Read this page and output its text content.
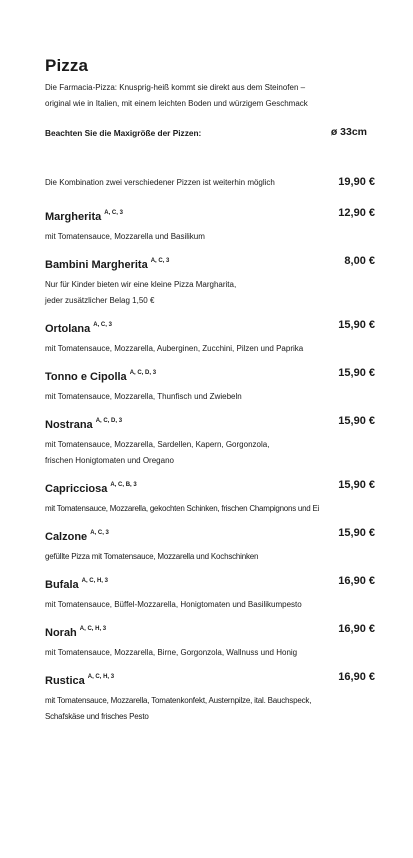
Pizza
Die Farmacia-Pizza: Knusprig-heiß kommt sie direkt aus dem Steinofen –
original wie in Italien, mit einem leichten Boden und würzigem Geschmack
Beachten Sie die Maxigröße der Pizzen:	ø 33cm
Die Kombination zwei verschiedener Pizzen ist weiterhin möglich	19,90 €
Margherita $^{A, C, 3}$	12,90 €
mit Tomatensauce, Mozzarella und Basilikum
Bambini Margherita $^{A, C, 3}$	8,00 €
Nur für Kinder bieten wir eine kleine Pizza Margharita,
jeder zusätzlicher Belag 1,50 €
Ortolana $^{A, C, 3}$	15,90 €
mit Tomatensauce, Mozzarella, Auberginen, Zucchini, Pilzen und Paprika
Tonno e Cipolla $^{A, C, D, 3}$	15,90 €
mit Tomatensauce, Mozzarella, Thunfisch und Zwiebeln
Nostrana $^{A, C, D, 3}$	15,90 €
mit Tomatensauce, Mozzarella, Sardellen, Kapern, Gorgonzola,
frischen Honigtomaten und Oregano
Capricciosa $^{A, C, B, 3}$	15,90 €
mit Tomatensauce, Mozzarella, gekochten Schinken, frischen Champignons und Ei
Calzone $^{A, C, 3}$	15,90 €
gefüllte Pizza mit Tomatensauce, Mozzarella und Kochschinken
Bufala $^{A, C, H, 3}$	16,90 €
mit Tomatensauce, Büffel-Mozzarella, Honigtomaten und Basilikumpesto
Norah $^{A, C, H, 3}$	16,90 €
mit Tomatensauce, Mozzarella, Birne, Gorgonzola, Wallnuss und Honig
Rustica $^{A, C, H, 3}$	16,90 €
mit Tomatensauce, Mozzarella, Tomatenkonfekt, Austernpilze, ital. Bauchspeck,
Schafskäse und frisches Pesto
